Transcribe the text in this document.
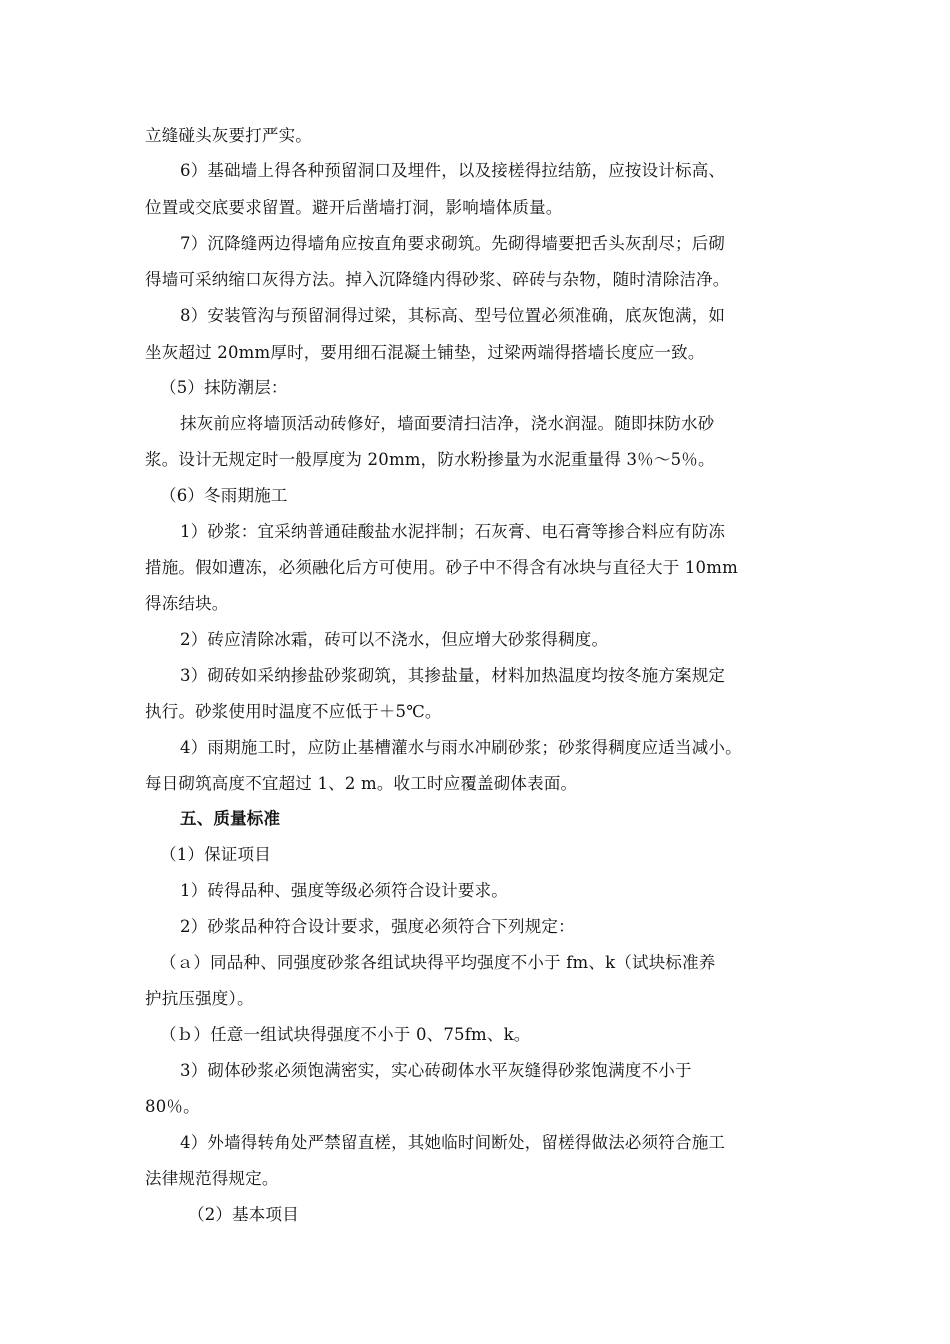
立缝碰头灰要打严实。
6）基础墙上得各种预留洞口及埋件，以及接槎得拉结筋，应按设计标高、
位置或交底要求留置。避开后凿墙打洞，影响墙体质量。
7）沉降缝两边得墙角应按直角要求砌筑。先砌得墙要把舌头灰刮尽；后砌
得墙可采纳缩口灰得方法。掉入沉降缝内得砂浆、碎砖与杂物，随时清除洁净。
8）安装管沟与预留洞得过梁，其标高、型号位置必须准确，底灰饱满，如
坐灰超过 20mm厚时，要用细石混凝土铺垫，过梁两端得搭墙长度应一致。
（5）抹防潮层：
抹灰前应将墙顶活动砖修好，墙面要清扫洁净，浇水润湿。随即抹防水砂
浆。设计无规定时一般厚度为 20mm，防水粉掺量为水泥重量得 3％～5％。
（6）冬雨期施工
1）砂浆：宜采纳普通硅酸盐水泥拌制；石灰膏、电石膏等掺合料应有防冻
措施。假如遭冻，必须融化后方可使用。砂子中不得含有冰块与直径大于 10mm
得冻结块。
2）砖应清除冰霜，砖可以不浇水，但应增大砂浆得稠度。
3）砌砖如采纳掺盐砂浆砌筑，其掺盐量，材料加热温度均按冬施方案规定
执行。砂浆使用时温度不应低于＋5℃。
4）雨期施工时，应防止基槽灌水与雨水冲刷砂浆；砂浆得稠度应适当减小。
每日砌筑高度不宜超过 1、2 m。收工时应覆盖砌体表面。
五、质量标准
（1）保证项目
1）砖得品种、强度等级必须符合设计要求。
2）砂浆品种符合设计要求，强度必须符合下列规定：
（ａ）同品种、同强度砂浆各组试块得平均强度不小于 fm、k（试块标准养
护抗压强度）。
（ｂ）任意一组试块得强度不小于 0、75fm、k。
3）砌体砂浆必须饱满密实，实心砖砌体水平灰缝得砂浆饱满度不小于
80％。
4）外墙得转角处严禁留直槎，其她临时间断处，留槎得做法必须符合施工
法律规范得规定。
（2）基本项目
